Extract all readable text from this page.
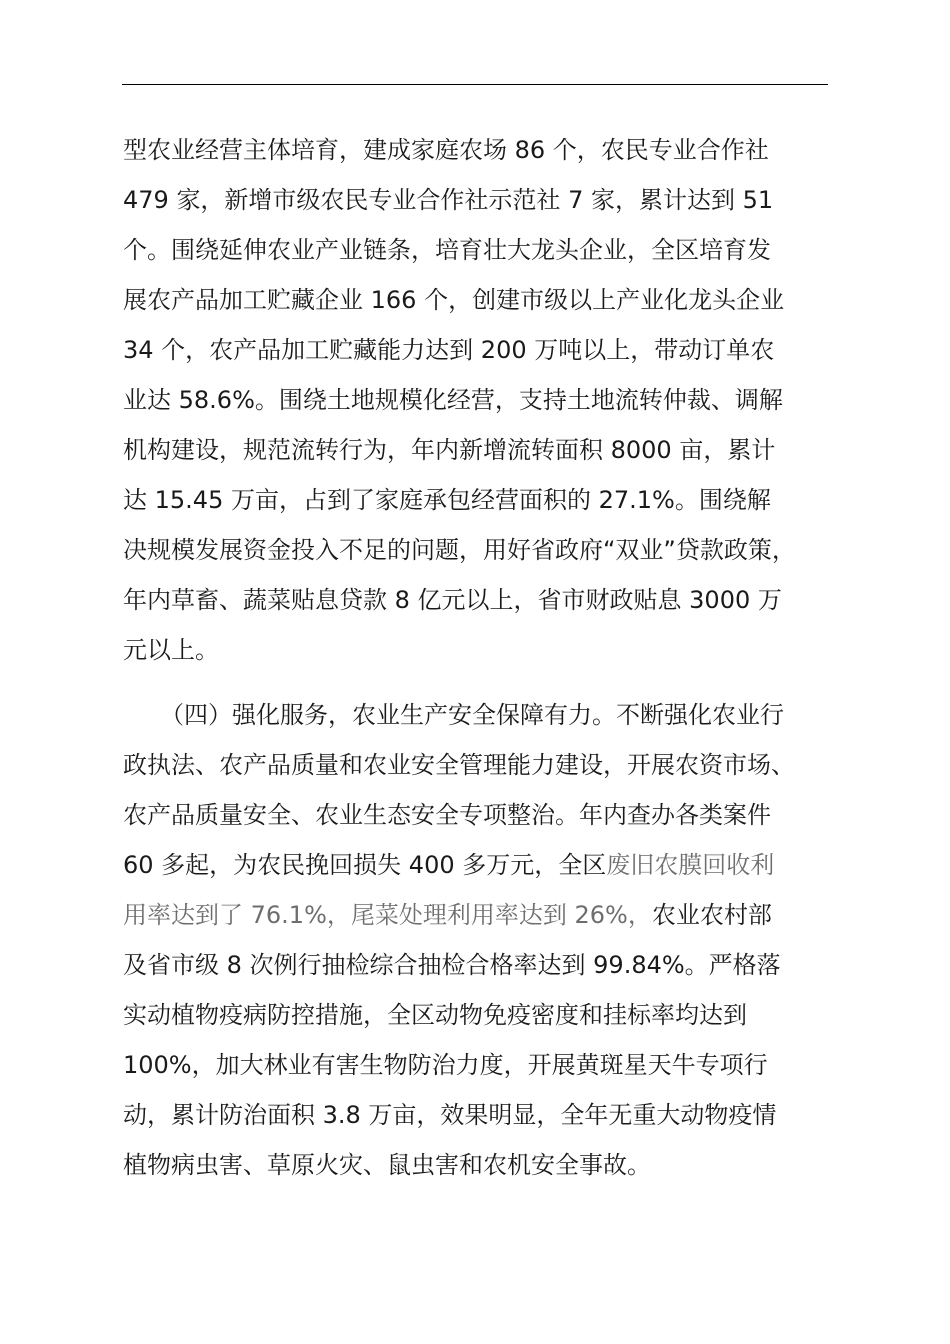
型农业经营主体培育，建成家庭农场 86 个，农民专业合作社
479 家，新增市级农民专业合作社示范社 7 家，累计达到 51
个。围绕延伸农业产业链条，培育壮大龙头企业，全区培育发
展农产品加工贮藏企业 166 个，创建市级以上产业化龙头企业
34 个，农产品加工贮藏能力达到 200 万吨以上，带动订单农
业达 58.6%。围绕土地规模化经营，支持土地流转仲裁、调解
机构建设，规范流转行为，年内新增流转面积 8000 亩，累计
达 15.45 万亩，占到了家庭承包经营面积的 27.1%。围绕解
决规模发展资金投入不足的问题，用好省政府“双业”贷款政策，
年内草畜、蔬菜贴息贷款 8 亿元以上，省市财政贴息 3000 万
元以上。
（四）强化服务，农业生产安全保障有力。不断强化农业行
政执法、农产品质量和农业安全管理能力建设，开展农资市场、
农产品质量安全、农业生态安全专项整治。年内查办各类案件
60 多起，为农民挽回损失 400 多万元，全区废旧农膜回收利
用率达到了 76.1%，尾菜处理利用率达到 26%，农业农村部
及省市级 8 次例行抽检综合抽检合格率达到 99.84%。严格落
实动植物疫病防控措施，全区动物免疫密度和挂标率均达到
100%，加大林业有害生物防治力度，开展黄斑星天牛专项行
动，累计防治面积 3.8 万亩，效果明显，全年无重大动物疫情
植物病虫害、草原火灾、鼠虫害和农机安全事故。
